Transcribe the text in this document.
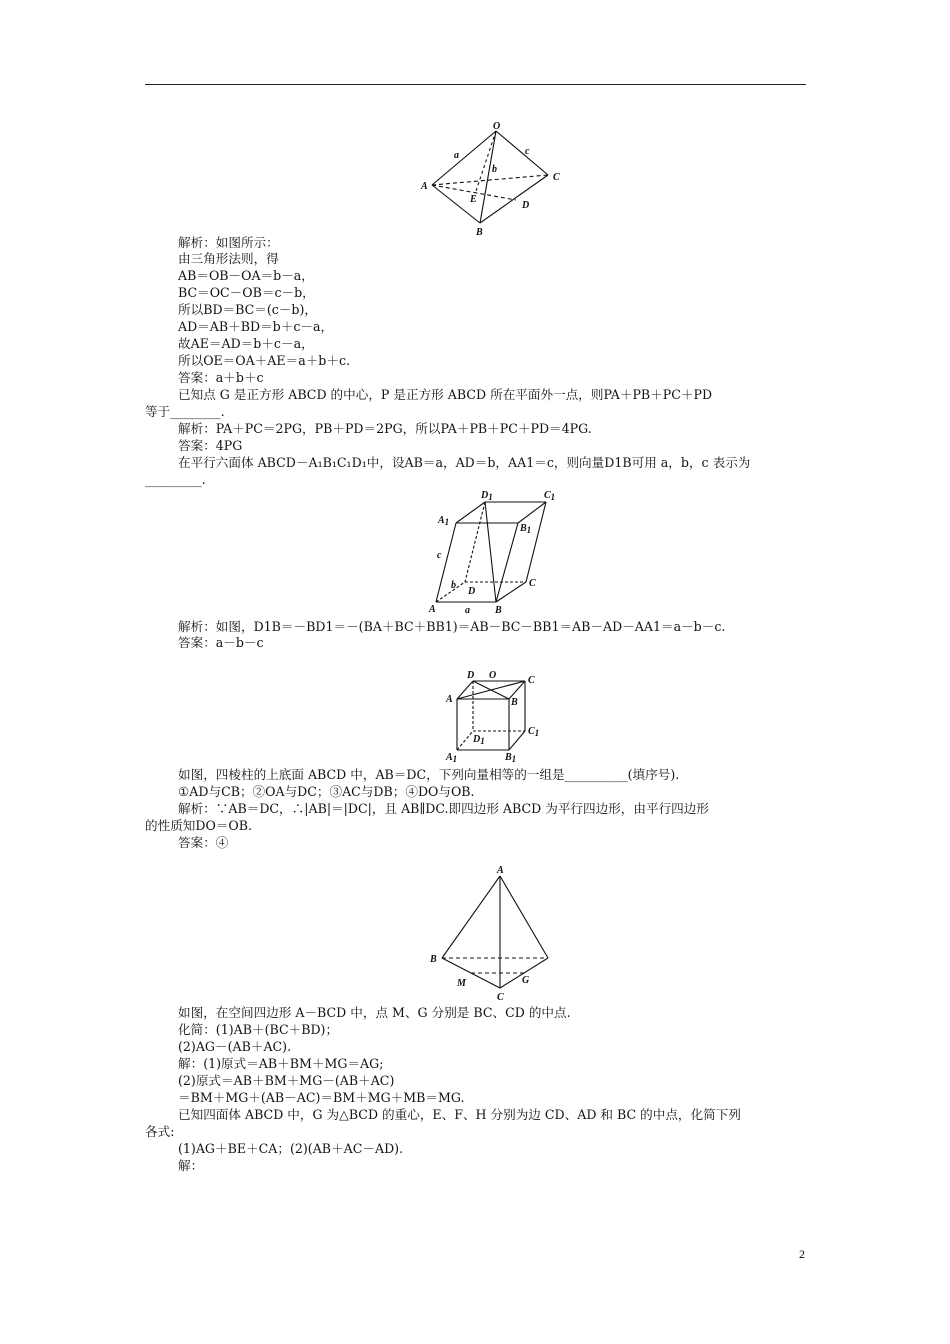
O
A
B
C
D
E
a
b
c
D1	C1
A1
B1
c
b
D
C
A	a	B
D O	C
A	B
C1
D1
A1	B1
A
B
M	G
C
解析：如图所示：
由三角形法则，得
AB＝OB－OA＝b－a，
BC＝OC－OB＝c－b，
所以BD＝BC＝(c－b)，
AD＝AB＋BD＝b＋c－a，
故AE＝AD＝b＋c－a，
所以OE＝OA＋AE＝a＋b＋c.
答案：a＋b＋c
已知点 G 是正方形 ABCD 的中心，P 是正方形 ABCD 所在平面外一点，则PA＋PB＋PC＋PD
等于________.
解析：PA＋PC＝2PG，PB＋PD＝2PG，所以PA＋PB＋PC＋PD＝4PG.
答案：4PG
在平行六面体 ABCD－A₁B₁C₁D₁中，设AB＝a，AD＝b，AA1＝c，则向量D1B可用 a，b，c 表示为
_________.
解析：如图，D1B＝－BD1＝－(BA＋BC＋BB1)＝AB－BC－BB1＝AB－AD－AA1＝a－b－c.
答案：a－b－c
如图，四棱柱的上底面 ABCD 中，AB＝DC，下列向量相等的一组是__________(填序号).
①AD与CB；②OA与DC；③AC与DB；④DO与OB.
解析：∵AB＝DC，∴|AB|＝|DC|，且 AB∥DC.即四边形 ABCD 为平行四边形，由平行四边形
的性质知DO＝OB.
答案：④
如图，在空间四边形 A－BCD 中，点 M、G 分别是 BC、CD 的中点.
化简：(1)AB＋(BC＋BD)；
(2)AG－(AB＋AC).
解：(1)原式＝AB＋BM＋MG＝AG;
(2)原式＝AB＋BM＋MG－(AB＋AC)
＝BM＋MG＋(AB－AC)＝BM＋MG＋MB＝MG.
已知四面体 ABCD 中，G 为△BCD 的重心，E、F、H 分别为边 CD、AD 和 BC 的中点，化简下列
各式:
(1)AG＋BE＋CA；(2)(AB＋AC－AD).
解：
2
